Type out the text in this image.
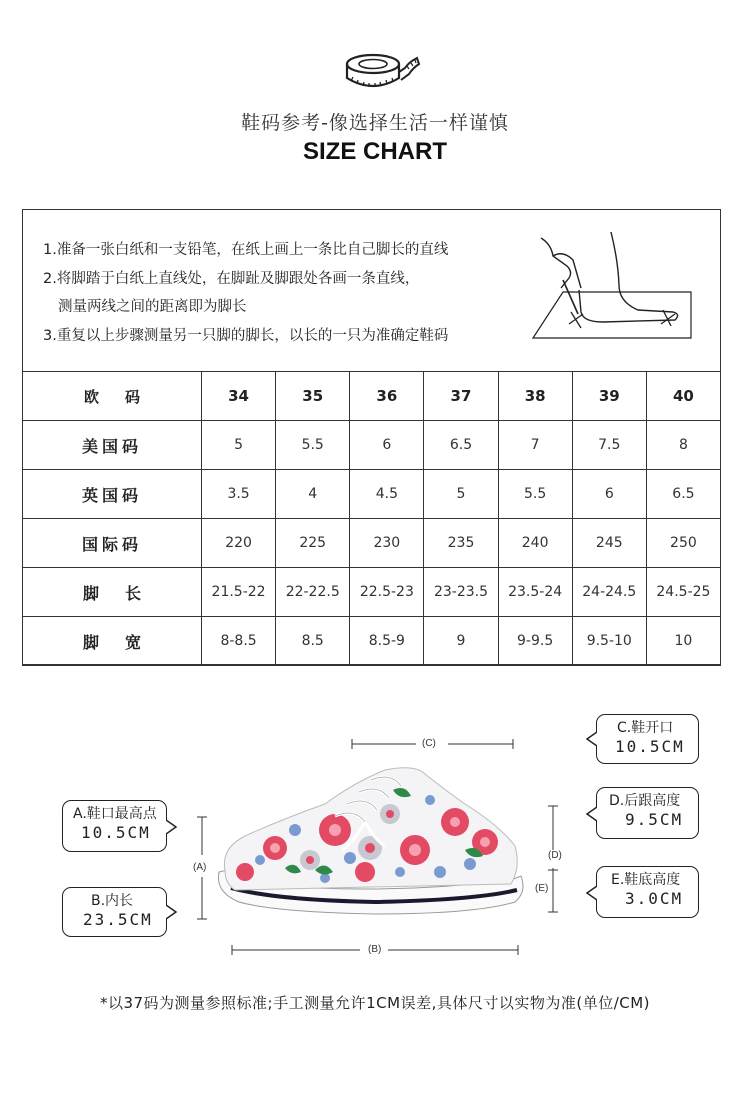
鞋码参考-像选择生活一样谨慎
SIZE CHART
1.准备一张白纸和一支铅笔，在纸上画上一条比自己脚长的直线
2.将脚踏于白纸上直线处，在脚趾及脚跟处各画一条直线，
测量两线之间的距离即为脚长
3.重复以上步骤测量另一只脚的脚长，以长的一只为准确定鞋码
欧码	34	35	36	37	38	39	40
美国码	5	5.5	6	6.5	7	7.5	8
英国码	3.5	4	4.5	5	5.5	6	6.5
国际码	220	225	230	235	240	245	250
脚长	21.5-22	22-22.5	22.5-23	23-23.5	23.5-24	24-24.5	24.5-25
脚宽	8-8.5	8.5	8.5-9	9	9-9.5	9.5-10	10
(C)
(A)
(B)
(D)
(E)
A.鞋口最高点
10.5CM
B.内长
23.5CM
C.鞋开口
10.5CM
D.后跟高度
9.5CM
E.鞋底高度
3.0CM
*以37码为测量参照标准;手工测量允许1CM误差,具体尺寸以实物为准(单位/CM)
